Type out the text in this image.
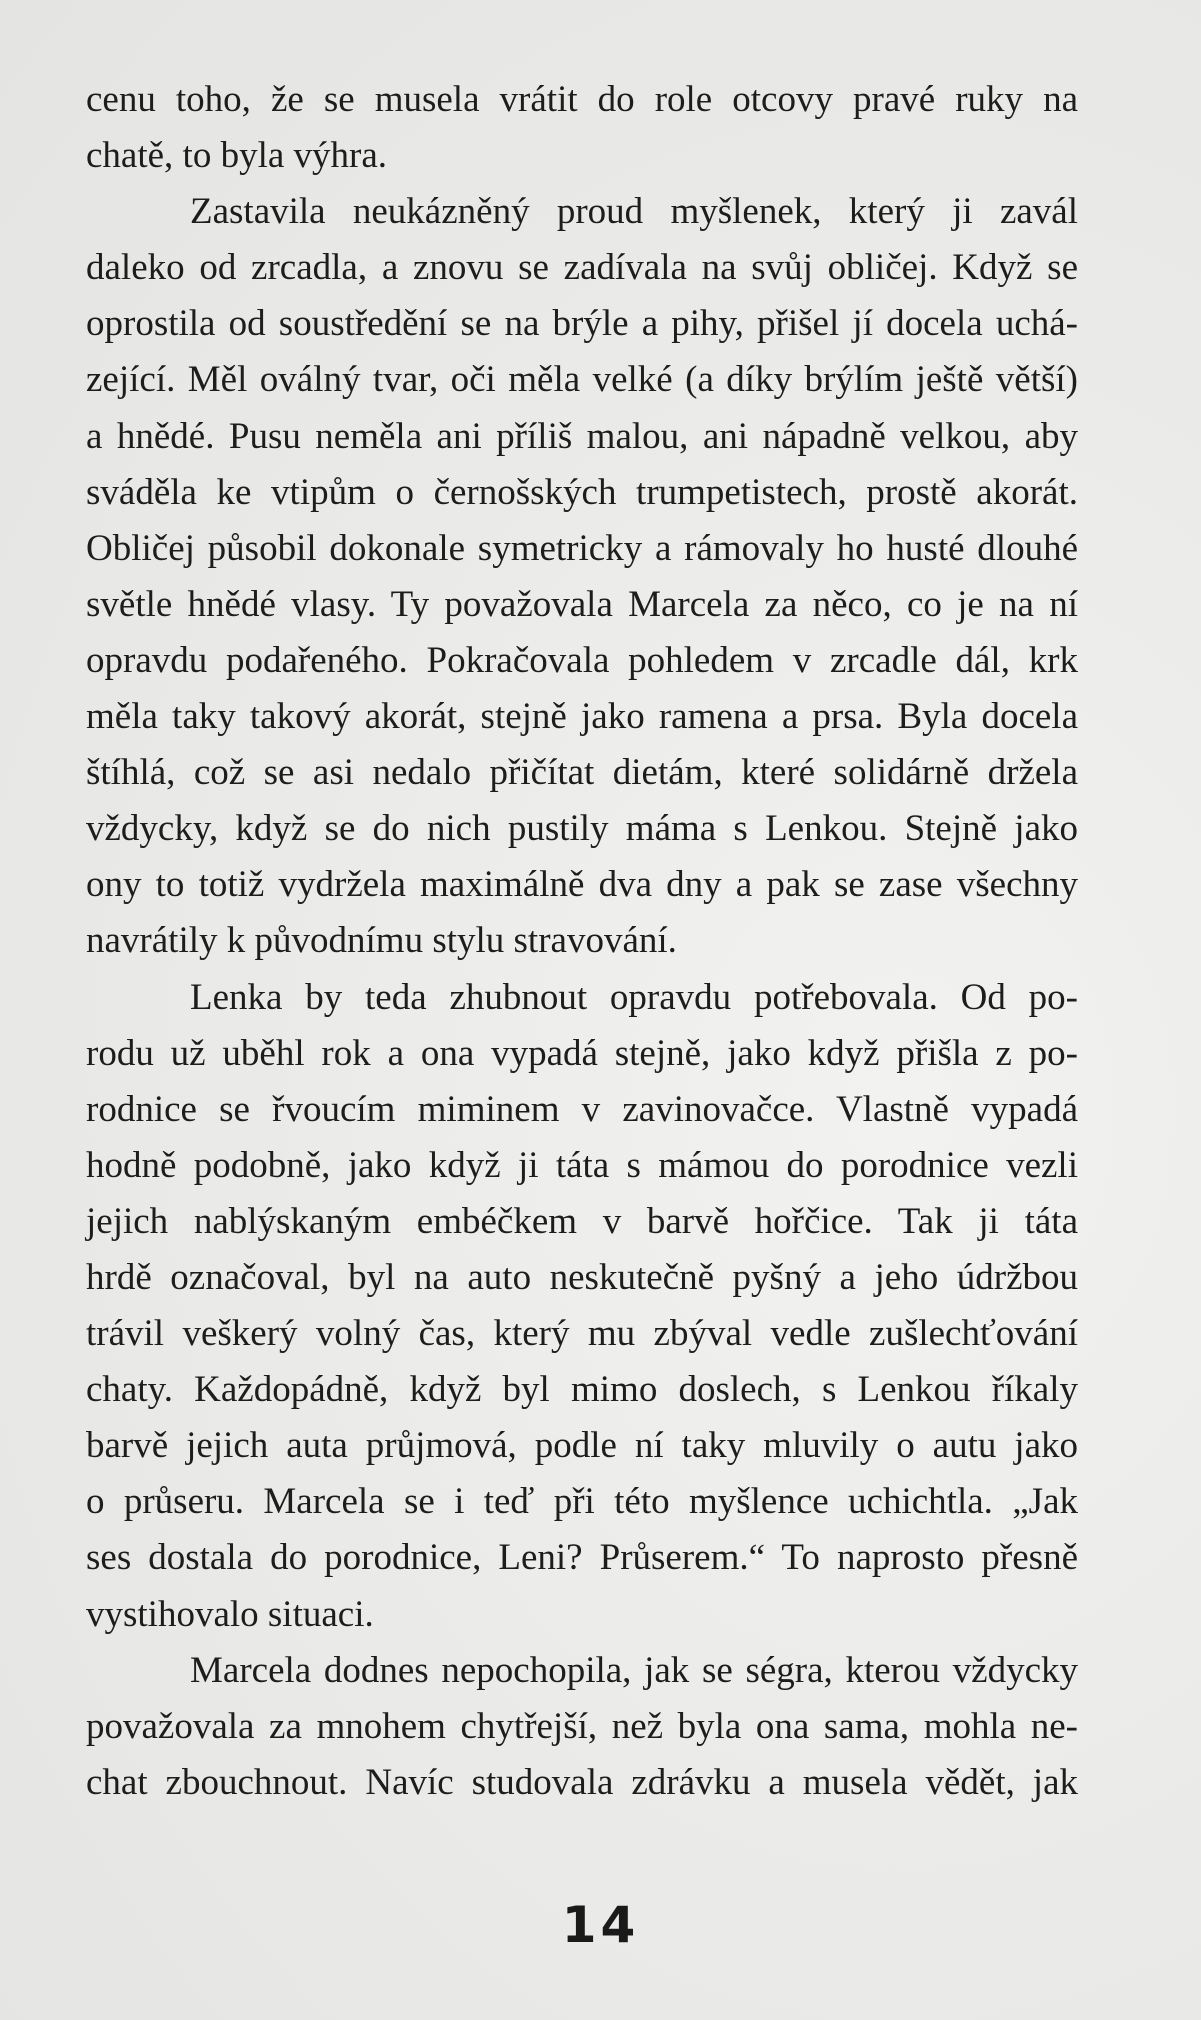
cenu toho, že se musela vrátit do role otcovy pravé ruky na
chatě, to byla výhra.
Zastavila neukázněný proud myšlenek, který ji zavál
daleko od zrcadla, a znovu se zadívala na svůj obličej. Když se
oprostila od soustředění se na brýle a pihy, přišel jí docela uchá-
zející. Měl oválný tvar, oči měla velké (a díky brýlím ještě větší)
a hnědé. Pusu neměla ani příliš malou, ani nápadně velkou, aby
sváděla ke vtipům o černošských trumpetistech, prostě akorát.
Obličej působil dokonale symetricky a rámovaly ho husté dlouhé
světle hnědé vlasy. Ty považovala Marcela za něco, co je na ní
opravdu podařeného. Pokračovala pohledem v zrcadle dál, krk
měla taky takový akorát, stejně jako ramena a prsa. Byla docela
štíhlá, což se asi nedalo přičítat dietám, které solidárně držela
vždycky, když se do nich pustily máma s Lenkou. Stejně jako
ony to totiž vydržela maximálně dva dny a pak se zase všechny
navrátily k původnímu stylu stravování.
Lenka by teda zhubnout opravdu potřebovala. Od po-
rodu už uběhl rok a ona vypadá stejně, jako když přišla z po-
rodnice se řvoucím miminem v zavinovačce. Vlastně vypadá
hodně podobně, jako když ji táta s mámou do porodnice vezli
jejich nablýskaným embéčkem v barvě hořčice. Tak ji táta
hrdě označoval, byl na auto neskutečně pyšný a jeho údržbou
trávil veškerý volný čas, který mu zbýval vedle zušlechťování
chaty. Každopádně, když byl mimo doslech, s Lenkou říkaly
barvě jejich auta průjmová, podle ní taky mluvily o autu jako
o průseru. Marcela se i teď při této myšlence uchichtla. „Jak
ses dostala do porodnice, Leni? Průserem.“ To naprosto přesně
vystihovalo situaci.
Marcela dodnes nepochopila, jak se ségra, kterou vždycky
považovala za mnohem chytřejší, než byla ona sama, mohla ne-
chat zbouchnout. Navíc studovala zdrávku a musela vědět, jak
14
